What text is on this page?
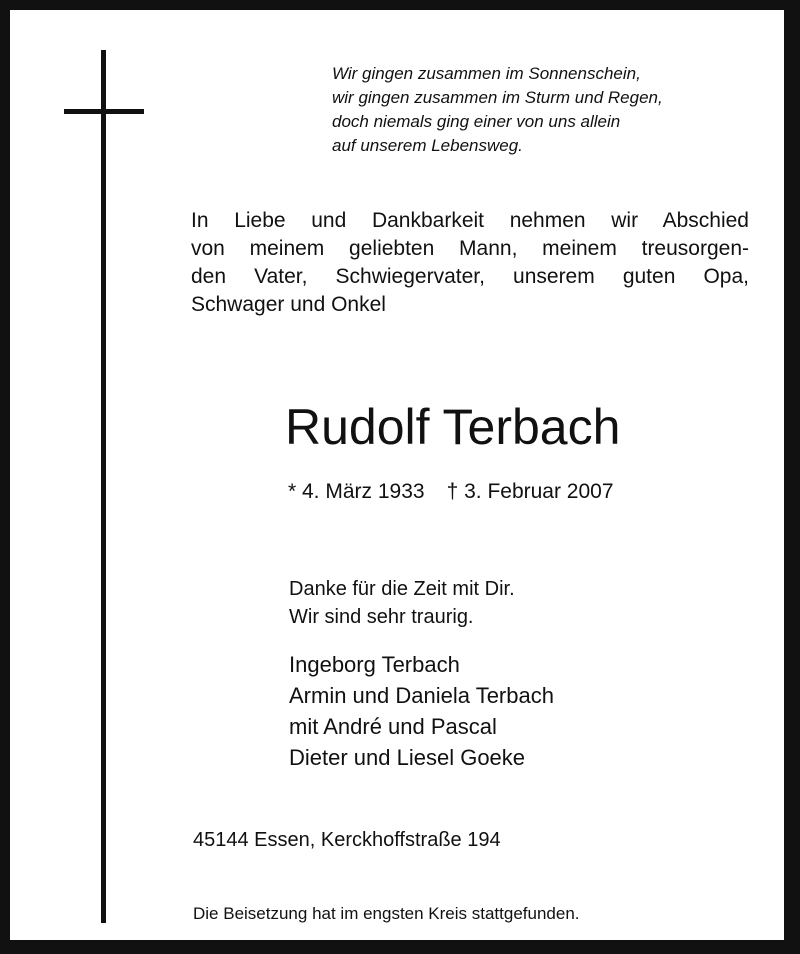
Wir gingen zusammen im Sonnenschein,
wir gingen zusammen im Sturm und Regen,
doch niemals ging einer von uns allein
auf unserem Lebensweg.

In Liebe und Dankbarkeit nehmen wir Abschied
von meinem geliebten Mann, meinem treusorgen-
den Vater, Schwiegervater, unserem guten Opa,
Schwager und Onkel

Rudolf Terbach
* 4. März 1933 † 3. Februar 2007

Danke für die Zeit mit Dir.
Wir sind sehr traurig.

Ingeborg Terbach
Armin und Daniela Terbach
mit André und Pascal
Dieter und Liesel Goeke

45144 Essen, Kerckhoffstraße 194
Die Beisetzung hat im engsten Kreis stattgefunden.
